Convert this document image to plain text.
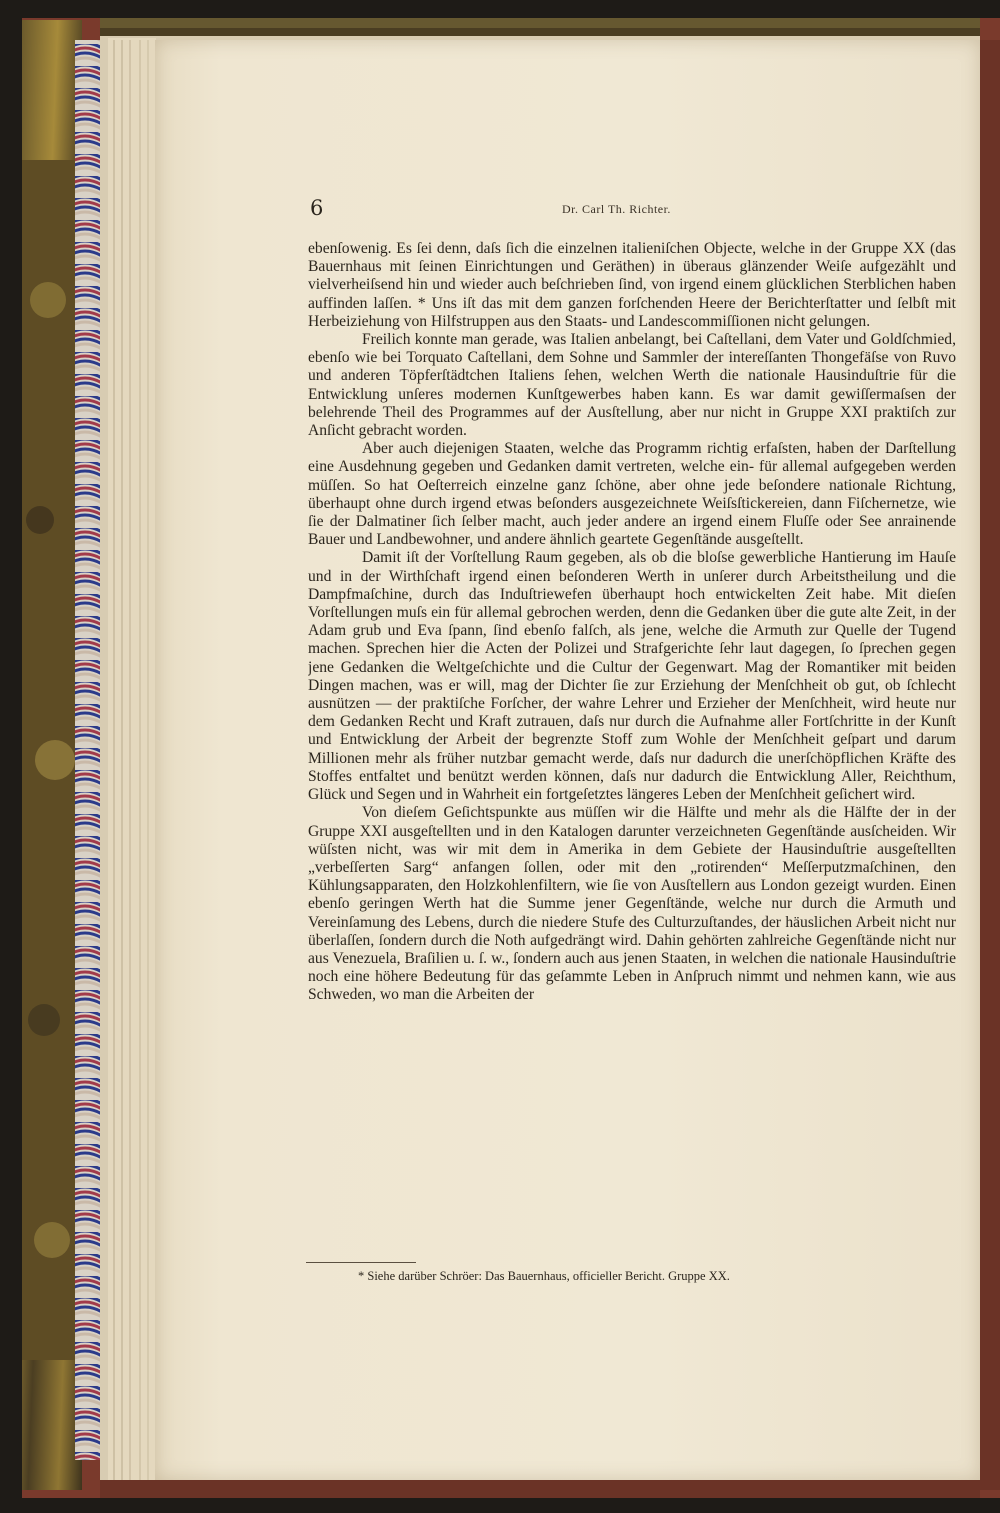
6	Dr. Carl Th. Richter.

ebenſowenig. Es ſei denn, daſs ſich die einzelnen italieniſchen Objecte, welche in der Gruppe XX (das Bauernhaus mit ſeinen Einrichtungen und Geräthen) in überaus glänzender Weiſe aufgezählt und vielverheiſsend hin und wieder auch beſchrieben ſind, von irgend einem glücklichen Sterblichen haben auffinden laſſen. * Uns iſt das mit dem ganzen forſchenden Heere der Berichterſtatter und ſelbſt mit Herbeiziehung von Hilfstruppen aus den Staats- und Landescommiſſionen nicht gelungen.

Freilich konnte man gerade, was Italien anbelangt, bei Caſtellani, dem Vater und Goldſchmied, ebenſo wie bei Torquato Caſtellani, dem Sohne und Sammler der intereſſanten Thongefäſse von Ruvo und anderen Töpferſtädtchen Italiens ſehen, welchen Werth die nationale Hausinduſtrie für die Entwicklung unſeres modernen Kunſtgewerbes haben kann. Es war damit gewiſſermaſsen der belehrende Theil des Programmes auf der Ausſtellung, aber nur nicht in Gruppe XXI praktiſch zur Anſicht gebracht worden.

Aber auch diejenigen Staaten, welche das Programm richtig erfaſsten, haben der Darſtellung eine Ausdehnung gegeben und Gedanken damit vertreten, welche ein- für allemal aufgegeben werden müſſen. So hat Oeſterreich einzelne ganz ſchöne, aber ohne jede beſondere nationale Richtung, überhaupt ohne durch irgend etwas beſonders ausgezeichnete Weiſsſtickereien, dann Fiſchernetze, wie ſie der Dalmatiner ſich ſelber macht, auch jeder andere an irgend einem Fluſſe oder See anrainende Bauer und Landbewohner, und andere ähnlich geartete Gegenſtände ausgeſtellt.

Damit iſt der Vorſtellung Raum gegeben, als ob die bloſse gewerbliche Hantierung im Hauſe und in der Wirthſchaft irgend einen beſonderen Werth in unſerer durch Arbeitstheilung und die Dampfmaſchine, durch das Induſtriewefen überhaupt hoch entwickelten Zeit habe. Mit dieſen Vorſtellungen muſs ein für allemal gebrochen werden, denn die Gedanken über die gute alte Zeit, in der Adam grub und Eva ſpann, ſind ebenſo falſch, als jene, welche die Armuth zur Quelle der Tugend machen. Sprechen hier die Acten der Polizei und Strafgerichte ſehr laut dagegen, ſo ſprechen gegen jene Gedanken die Weltgeſchichte und die Cultur der Gegenwart. Mag der Romantiker mit beiden Dingen machen, was er will, mag der Dichter ſie zur Erziehung der Menſchheit ob gut, ob ſchlecht ausnützen — der praktiſche Forſcher, der wahre Lehrer und Erzieher der Menſchheit, wird heute nur dem Gedanken Recht und Kraft zutrauen, daſs nur durch die Aufnahme aller Fortſchritte in der Kunſt und Entwicklung der Arbeit der begrenzte Stoff zum Wohle der Menſchheit geſpart und darum Millionen mehr als früher nutzbar gemacht werde, daſs nur dadurch die unerſchöpflichen Kräfte des Stoffes entfaltet und benützt werden können, daſs nur dadurch die Entwicklung Aller, Reichthum, Glück und Segen und in Wahrheit ein fortgeſetztes längeres Leben der Menſchheit geſichert wird.

Von dieſem Geſichtspunkte aus müſſen wir die Hälfte und mehr als die Hälfte der in der Gruppe XXI ausgeſtellten und in den Katalogen darunter verzeichneten Gegenſtände ausſcheiden. Wir wüſsten nicht, was wir mit dem in Amerika in dem Gebiete der Hausinduſtrie ausgeſtellten „verbeſſerten Sarg“ anfangen ſollen, oder mit den „rotirenden“ Meſſerputzmaſchinen, den Kühlungsapparaten, den Holzkohlenfiltern, wie ſie von Ausſtellern aus London gezeigt wurden. Einen ebenſo geringen Werth hat die Summe jener Gegenſtände, welche nur durch die Armuth und Vereinſamung des Lebens, durch die niedere Stufe des Culturzuſtandes, der häuslichen Arbeit nicht nur überlaſſen, ſondern durch die Noth aufgedrängt wird. Dahin gehörten zahlreiche Gegenſtände nicht nur aus Venezuela, Braſilien u. ſ. w., ſondern auch aus jenen Staaten, in welchen die nationale Hausinduſtrie noch eine höhere Bedeutung für das geſammte Leben in Anſpruch nimmt und nehmen kann, wie aus Schweden, wo man die Arbeiten der

* Siehe darüber Schröer: Das Bauernhaus, officieller Bericht. Gruppe XX.
